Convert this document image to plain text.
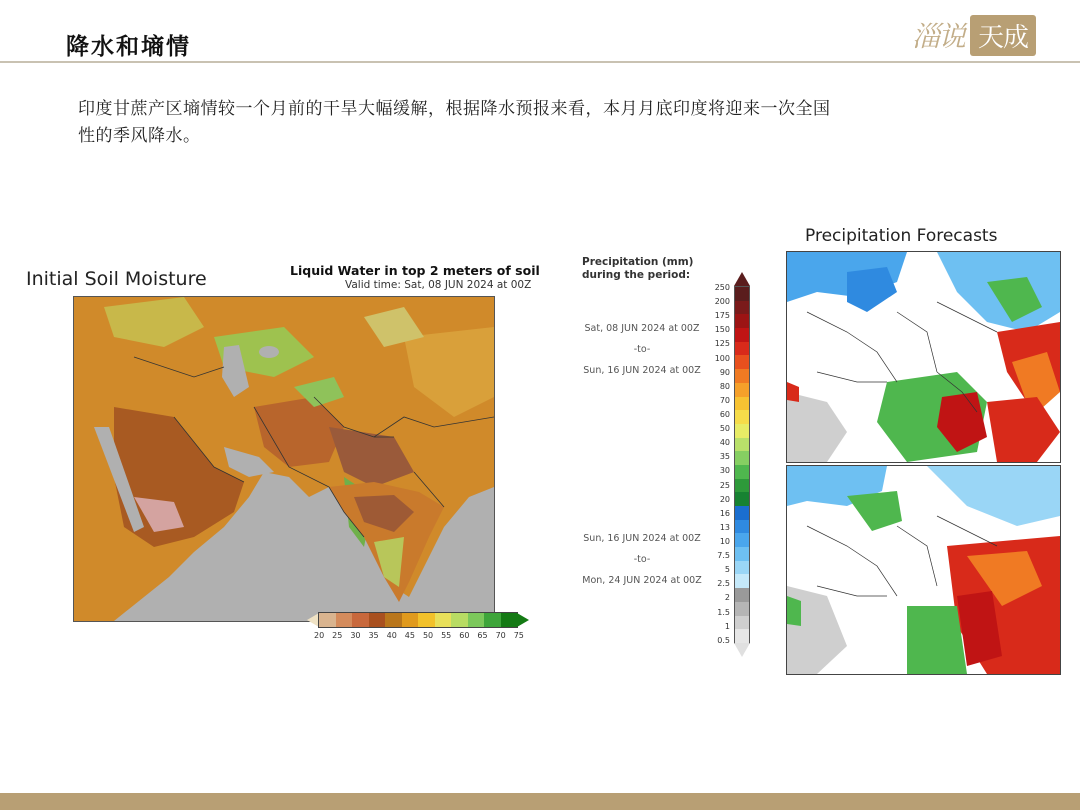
降水和墒情	淄说 天成
印度甘蔗产区墒情较一个月前的干旱大幅缓解，根据降水预报来看，本月月底印度将迎来一次全国
性的季风降水。
Initial Soil Moisture	Liquid Water in top 2 meters of soil
Valid time: Sat, 08 JUN 2024 at 00Z
20 25 30 35 40 45 50 55 60 65 70 75
Precipitation (mm)
during the period:
Sat, 08 JUN 2024 at 00Z
-to-
Sun, 16 JUN 2024 at 00Z
Sun, 16 JUN 2024 at 00Z
-to-
Mon, 24 JUN 2024 at 00Z
250
200
175
150
125
100
90
80
70
60
50
40
35
30
25
20
16
13
10
7.5
5
2.5
2
1.5
1
0.5
Precipitation Forecasts
